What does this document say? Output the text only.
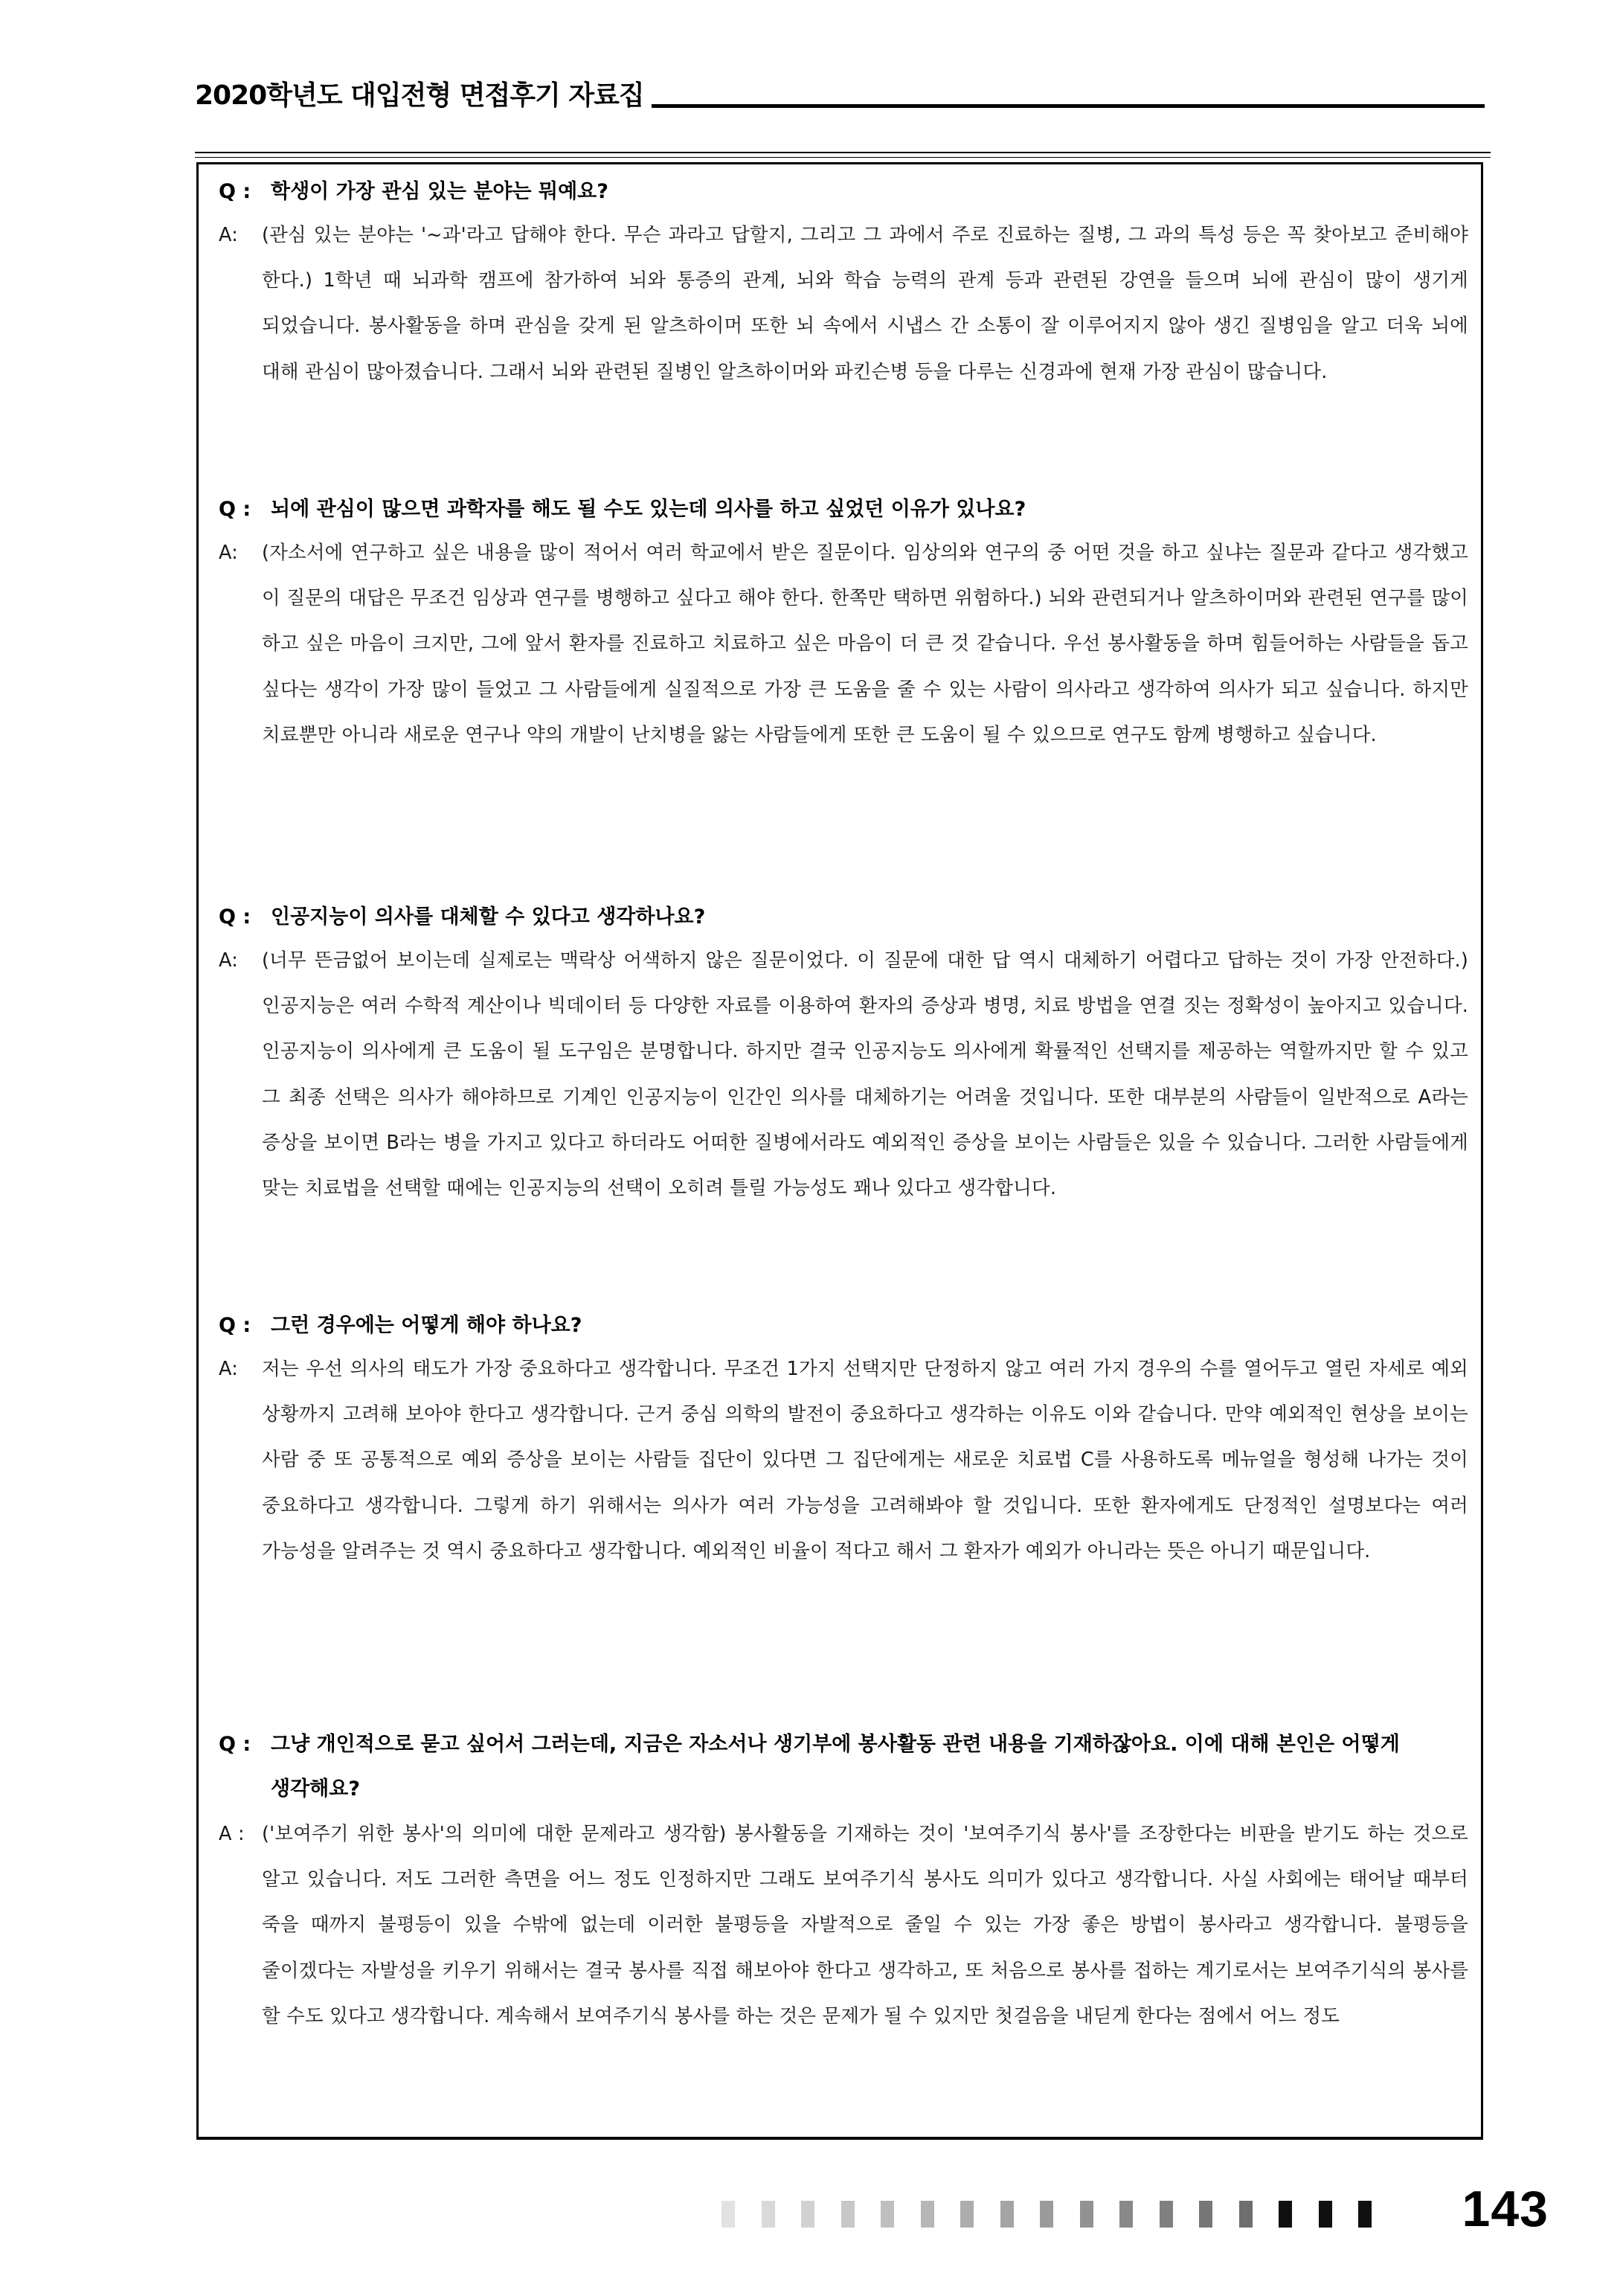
2020학년도 대입전형 면접후기 자료집
Q : 학생이 가장 관심 있는 분야는 뭐예요?
A: (관심 있는 분야는 '~과'라고 답해야 한다. 무슨 과라고 답할지, 그리고 그 과에서 주로 진료하는 질병, 그 과의 특성 등은 꼭 찾아보고 준비해야 한다.) 1학년 때 뇌과학 캠프에 참가하여 뇌와 통증의 관계, 뇌와 학습 능력의 관계 등과 관련된 강연을 들으며 뇌에 관심이 많이 생기게 되었습니다. 봉사활동을 하며 관심을 갖게 된 알츠하이머 또한 뇌 속에서 시냅스 간 소통이 잘 이루어지지 않아 생긴 질병임을 알고 더욱 뇌에 대해 관심이 많아졌습니다. 그래서 뇌와 관련된 질병인 알츠하이머와 파킨슨병 등을 다루는 신경과에 현재 가장 관심이 많습니다.
Q : 뇌에 관심이 많으면 과학자를 해도 될 수도 있는데 의사를 하고 싶었던 이유가 있나요?
A: (자소서에 연구하고 싶은 내용을 많이 적어서 여러 학교에서 받은 질문이다. 임상의와 연구의 중 어떤 것을 하고 싶냐는 질문과 같다고 생각했고 이 질문의 대답은 무조건 임상과 연구를 병행하고 싶다고 해야 한다. 한쪽만 택하면 위험하다.) 뇌와 관련되거나 알츠하이머와 관련된 연구를 많이 하고 싶은 마음이 크지만, 그에 앞서 환자를 진료하고 치료하고 싶은 마음이 더 큰 것 같습니다. 우선 봉사활동을 하며 힘들어하는 사람들을 돕고 싶다는 생각이 가장 많이 들었고 그 사람들에게 실질적으로 가장 큰 도움을 줄 수 있는 사람이 의사라고 생각하여 의사가 되고 싶습니다. 하지만 치료뿐만 아니라 새로운 연구나 약의 개발이 난치병을 앓는 사람들에게 또한 큰 도움이 될 수 있으므로 연구도 함께 병행하고 싶습니다.
Q : 인공지능이 의사를 대체할 수 있다고 생각하나요?
A: (너무 뜬금없어 보이는데 실제로는 맥락상 어색하지 않은 질문이었다. 이 질문에 대한 답 역시 대체하기 어렵다고 답하는 것이 가장 안전하다.) 인공지능은 여러 수학적 계산이나 빅데이터 등 다양한 자료를 이용하여 환자의 증상과 병명, 치료 방법을 연결 짓는 정확성이 높아지고 있습니다. 인공지능이 의사에게 큰 도움이 될 도구임은 분명합니다. 하지만 결국 인공지능도 의사에게 확률적인 선택지를 제공하는 역할까지만 할 수 있고 그 최종 선택은 의사가 해야하므로 기계인 인공지능이 인간인 의사를 대체하기는 어려울 것입니다. 또한 대부분의 사람들이 일반적으로 A라는 증상을 보이면 B라는 병을 가지고 있다고 하더라도 어떠한 질병에서라도 예외적인 증상을 보이는 사람들은 있을 수 있습니다. 그러한 사람들에게 맞는 치료법을 선택할 때에는 인공지능의 선택이 오히려 틀릴 가능성도 꽤나 있다고 생각합니다.
Q : 그런 경우에는 어떻게 해야 하나요?
A: 저는 우선 의사의 태도가 가장 중요하다고 생각합니다. 무조건 1가지 선택지만 단정하지 않고 여러 가지 경우의 수를 열어두고 열린 자세로 예외 상황까지 고려해 보아야 한다고 생각합니다. 근거 중심 의학의 발전이 중요하다고 생각하는 이유도 이와 같습니다. 만약 예외적인 현상을 보이는 사람 중 또 공통적으로 예외 증상을 보이는 사람들 집단이 있다면 그 집단에게는 새로운 치료법 C를 사용하도록 메뉴얼을 형성해 나가는 것이 중요하다고 생각합니다. 그렇게 하기 위해서는 의사가 여러 가능성을 고려해봐야 할 것입니다. 또한 환자에게도 단정적인 설명보다는 여러 가능성을 알려주는 것 역시 중요하다고 생각합니다. 예외적인 비율이 적다고 해서 그 환자가 예외가 아니라는 뜻은 아니기 때문입니다.
Q : 그냥 개인적으로 묻고 싶어서 그러는데, 지금은 자소서나 생기부에 봉사활동 관련 내용을 기재하잖아요. 이에 대해 본인은 어떻게 생각해요?
A : ('보여주기 위한 봉사'의 의미에 대한 문제라고 생각함) 봉사활동을 기재하는 것이 '보여주기식 봉사'를 조장한다는 비판을 받기도 하는 것으로 알고 있습니다. 저도 그러한 측면을 어느 정도 인정하지만 그래도 보여주기식 봉사도 의미가 있다고 생각합니다. 사실 사회에는 태어날 때부터 죽을 때까지 불평등이 있을 수밖에 없는데 이러한 불평등을 자발적으로 줄일 수 있는 가장 좋은 방법이 봉사라고 생각합니다. 불평등을 줄이겠다는 자발성을 키우기 위해서는 결국 봉사를 직접 해보아야 한다고 생각하고, 또 처음으로 봉사를 접하는 계기로서는 보여주기식의 봉사를 할 수도 있다고 생각합니다. 계속해서 보여주기식 봉사를 하는 것은 문제가 될 수 있지만 첫걸음을 내딛게 한다는 점에서 어느 정도
143
